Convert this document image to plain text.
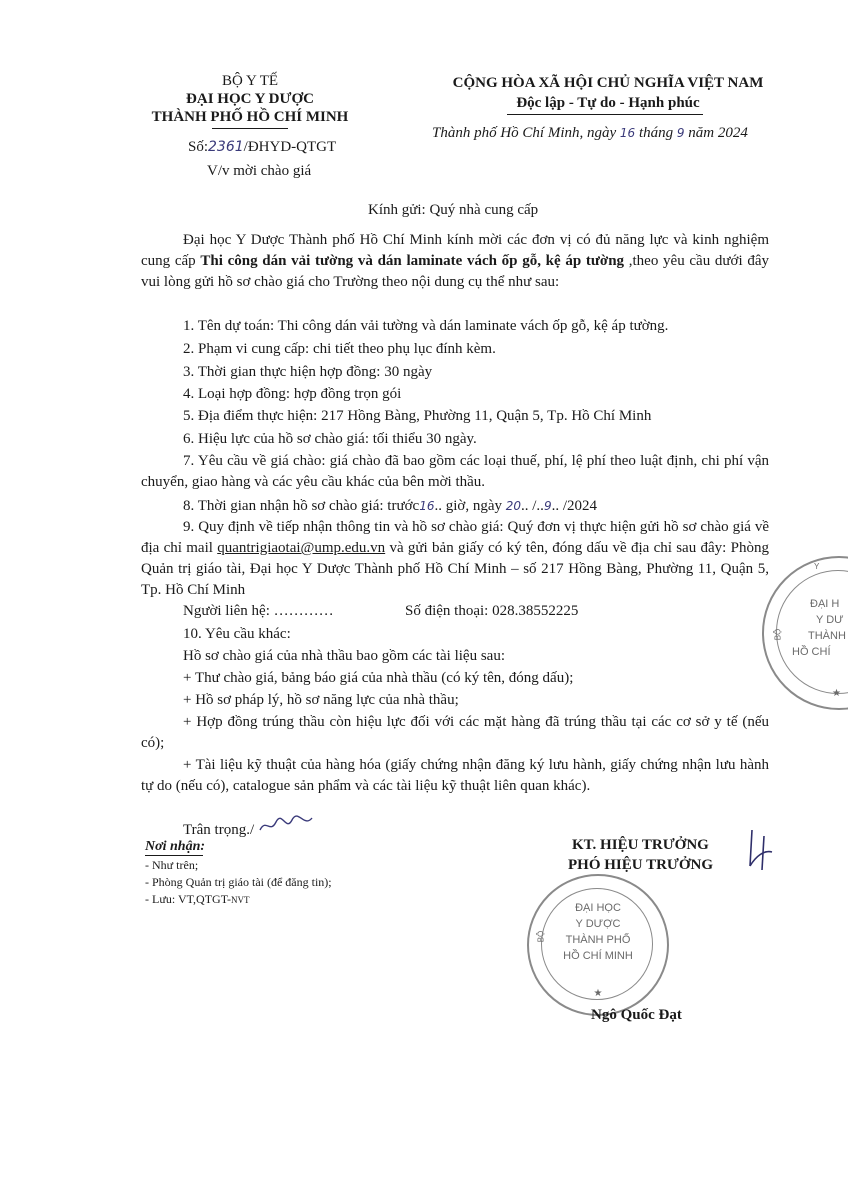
BỘ Y TẾ
ĐẠI HỌC Y DƯỢC
THÀNH PHỐ HỒ CHÍ MINH
Số:2361/ĐHYD-QTGT
V/v mời chào giá
CỘNG HÒA XÃ HỘI CHỦ NGHĨA VIỆT NAM
Độc lập - Tự do - Hạnh phúc
Thành phố Hồ Chí Minh, ngày 16 tháng 9 năm 2024
Kính gửi: Quý nhà cung cấp
Đại học Y Dược Thành phố Hồ Chí Minh kính mời các đơn vị có đủ năng lực và kinh nghiệm cung cấp Thi công dán vải tường và dán laminate vách ốp gỗ, kệ áp tường ,theo yêu cầu dưới đây vui lòng gửi hồ sơ chào giá cho Trường theo nội dung cụ thể như sau:
1. Tên dự toán: Thi công dán vải tường và dán laminate vách ốp gỗ, kệ áp tường.
2. Phạm vi cung cấp: chi tiết theo phụ lục đính kèm.
3. Thời gian thực hiện hợp đồng: 30 ngày
4. Loại hợp đồng: hợp đồng trọn gói
5. Địa điểm thực hiện: 217 Hồng Bàng, Phường 11, Quận 5, Tp. Hồ Chí Minh
6. Hiệu lực của hồ sơ chào giá: tối thiểu 30 ngày.
7. Yêu cầu về giá chào: giá chào đã bao gồm các loại thuế, phí, lệ phí theo luật định, chi phí vận chuyển, giao hàng và các yêu cầu khác của bên mời thầu.
8. Thời gian nhận hồ sơ chào giá: trước16.. giờ, ngày 20.. /..9.. /2024
9. Quy định về tiếp nhận thông tin và hồ sơ chào giá: Quý đơn vị thực hiện gửi hồ sơ chào giá về địa chỉ mail quantrigiaotai@ump.edu.vn và gửi bản giấy có ký tên, đóng dấu về địa chỉ sau đây: Phòng Quản trị giáo tài, Đại học Y Dược Thành phố Hồ Chí Minh – số 217 Hồng Bàng, Phường 11, Quận 5, Tp. Hồ Chí Minh
Người liên hệ: …………	Số điện thoại: 028.38552225
10. Yêu cầu khác:
Hồ sơ chào giá của nhà thầu bao gồm các tài liệu sau:
+ Thư chào giá, bảng báo giá của nhà thầu (có ký tên, đóng dấu);
+ Hồ sơ pháp lý, hồ sơ năng lực của nhà thầu;
+ Hợp đồng trúng thầu còn hiệu lực đối với các mặt hàng đã trúng thầu tại các cơ sở y tế (nếu có);
+ Tài liệu kỹ thuật của hàng hóa (giấy chứng nhận đăng ký lưu hành, giấy chứng nhận lưu hành tự do (nếu có), catalogue sản phẩm và các tài liệu kỹ thuật liên quan khác).
Trân trọng./
Nơi nhận:
- Như trên;
- Phòng Quản trị giáo tài (để đăng tin);
- Lưu: VT,QTGT-NVT
KT. HIỆU TRƯỞNG
PHÓ HIỆU TRƯỞNG
ĐẠI HỌC
Y DƯỢC
THÀNH PHỐ
HỒ CHÍ MINH
BỘ
★
Ngô Quốc Đạt
Y
ĐẠI H
Y DƯ
THÀNH
HỒ CHÍ
BỘ
★
